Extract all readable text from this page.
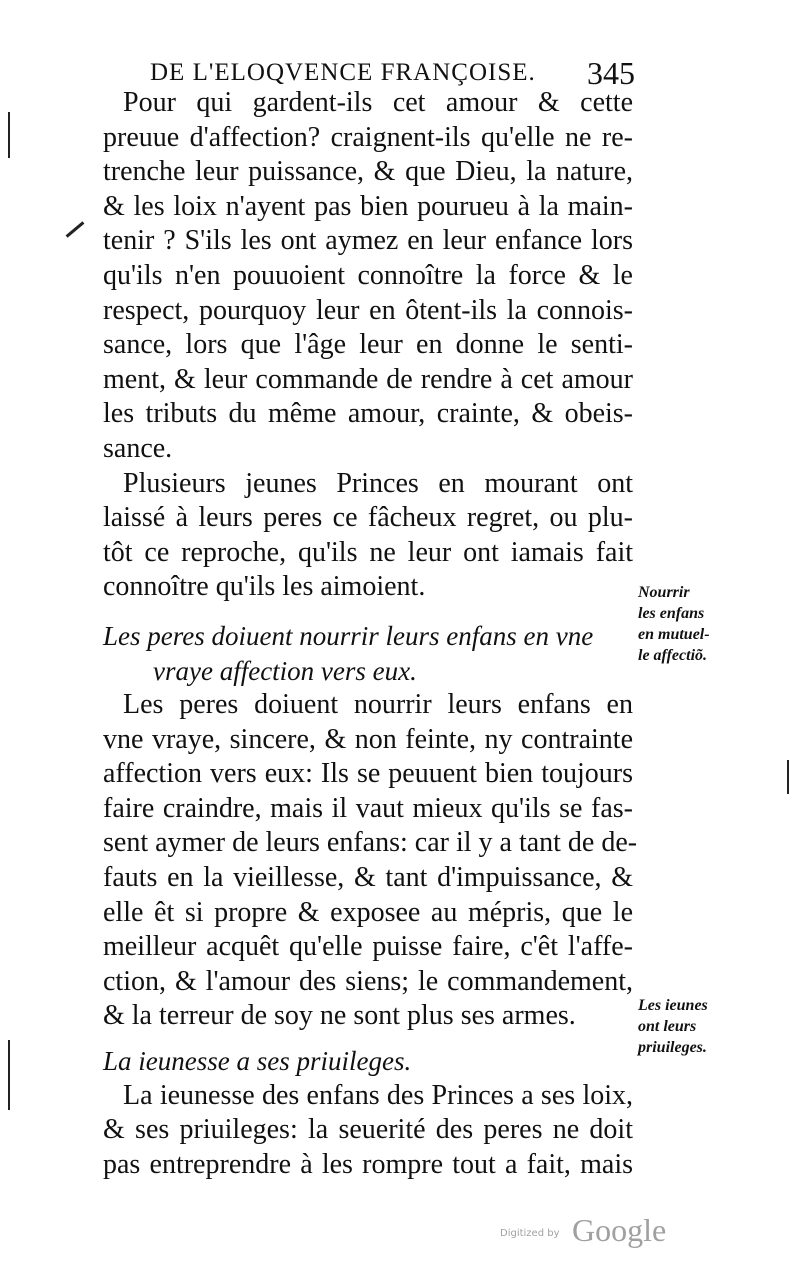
DE L'ELOQVENCE FRANÇOISE. 345
Pour qui gardent-ils cet amour & cette
preuue d'affection? craignent-ils qu'elle ne re-
trenche leur puissance, & que Dieu, la nature,
& les loix n'ayent pas bien pourueu à la main-
tenir ? S'ils les ont aymez en leur enfance lors
qu'ils n'en pouuoient connoître la force & le
respect, pourquoy leur en ôtent-ils la connois-
sance, lors que l'âge leur en donne le senti-
ment, & leur commande de rendre à cet amour
les tributs du même amour, crainte, & obeis-
sance.
Plusieurs jeunes Princes en mourant ont
laissé à leurs peres ce fâcheux regret, ou plu-
tôt ce reproche, qu'ils ne leur ont iamais fait
connoître qu'ils les aimoient.
Les peres doiuent nourrir leurs enfans en vne
vraye affection vers eux.
Les peres doiuent nourrir leurs enfans en
vne vraye, sincere, & non feinte, ny contrainte
affection vers eux: Ils se peuuent bien toujours
faire craindre, mais il vaut mieux qu'ils se fas-
sent aymer de leurs enfans: car il y a tant de de-
fauts en la vieillesse, & tant d'impuissance, &
elle êt si propre & exposee au mépris, que le
meilleur acquêt qu'elle puisse faire, c'êt l'affe-
ction, & l'amour des siens; le commandement,
& la terreur de soy ne sont plus ses armes.
La ieunesse a ses priuileges.
La ieunesse des enfans des Princes a ses loix,
& ses priuileges: la seuerité des peres ne doit
pas entreprendre à les rompre tout a fait, mais
Nourrir
les enfans
en mutuel-
le affectiõ.
Les ieunes
ont leurs
priuileges.
Digitized by Google
